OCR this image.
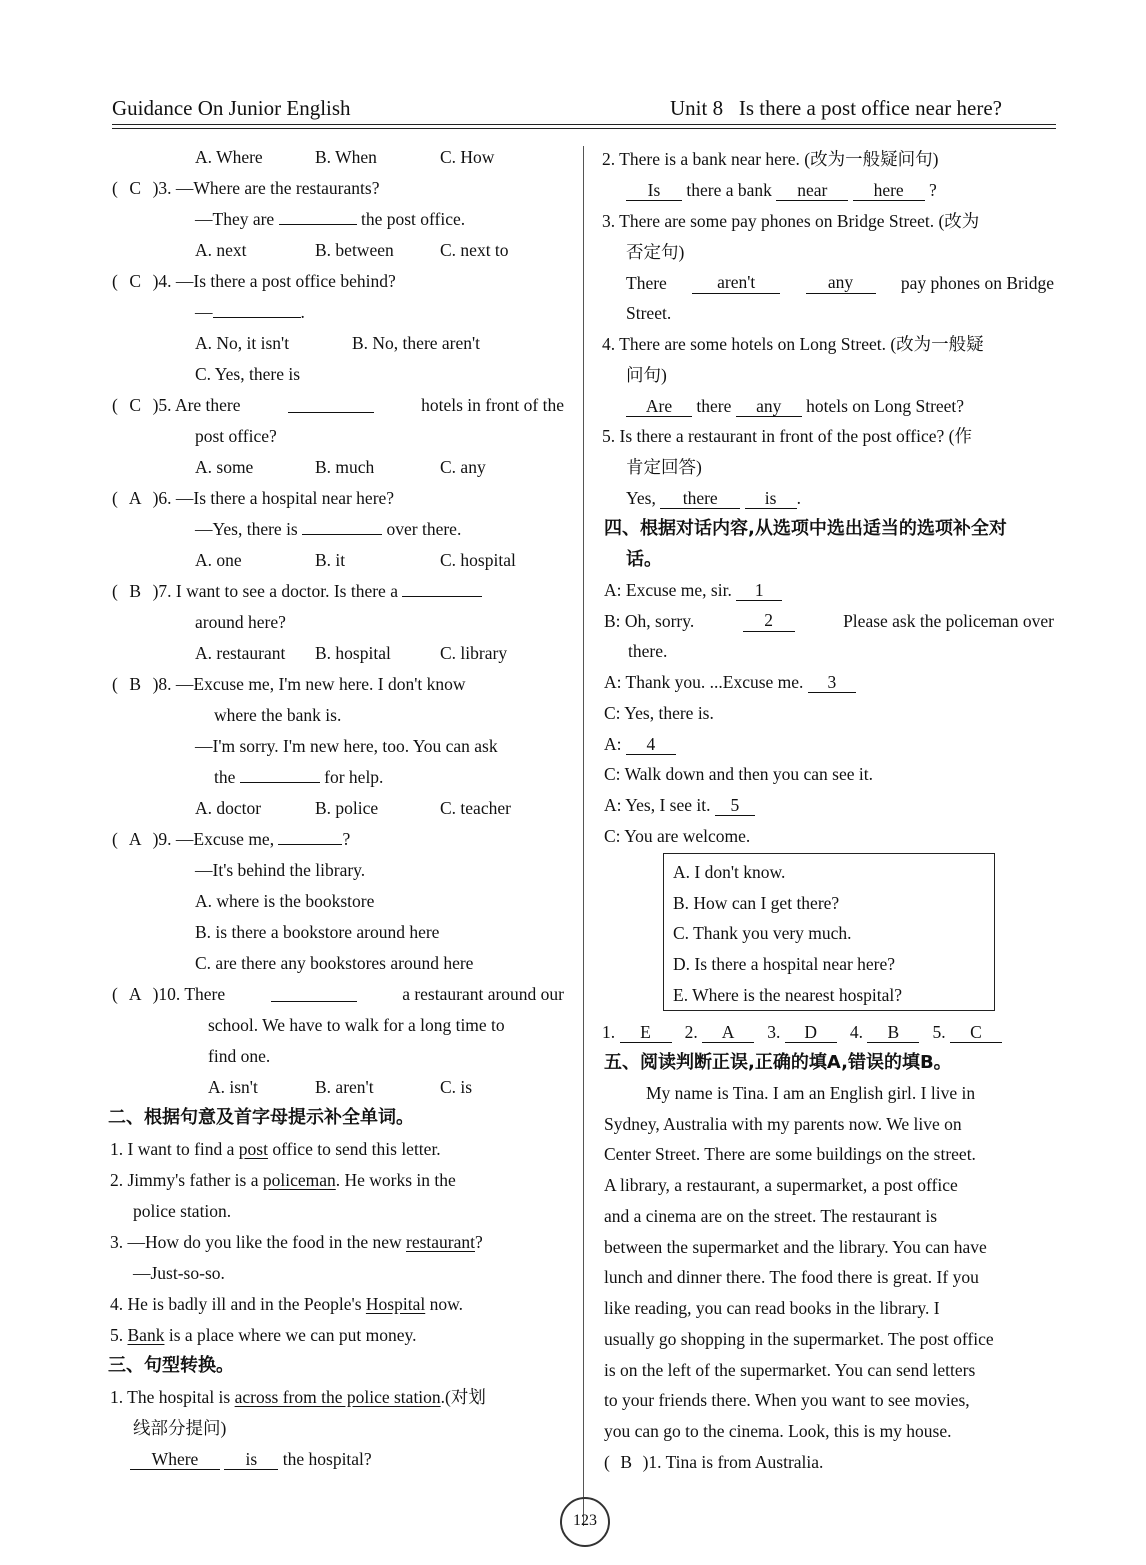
Guidance On Junior English	Unit 8   Is there a post office near here?
A. Where	B. When	C. How
( C )3. —Where are the restaurants?
—They are	the post office.
A. next	B. between	C. next to
( C )4. —Is there a post office behind?
—	.
A. No, it isn't	B. No, there aren't
C. Yes, there is
( C )5. Are there	hotels in front of the
post office?
A. some	B. much	C. any
( A )6. —Is there a hospital near here?
—Yes, there is	over there.
A. one	B. it	C. hospital
( B )7. I want to see a doctor. Is there a
around here?
A. restaurant B. hospital	C. library
( B )8. —Excuse me, I'm new here. I don't know
where the bank is.
—I'm sorry. I'm new here, too. You can ask
the	for help.
A. doctor	B. police	C. teacher
( A )9. —Excuse me,	?
—It's behind the library.
A. where is the bookstore
B. is there a bookstore around here
C. are there any bookstores around here
( A )10. There	a restaurant around our
school. We have to walk for a long time to
find one.
A. isn't	B. aren't	C. is
二、根据句意及首字母提示补全单词。
1. I want to find a post office to send this letter.
2. Jimmy's father is a policeman. He works in the
police station.
3. —How do you like the food in the new restaurant?
—Just-so-so.
4. He is badly ill and in the People's Hospital now.
5. Bank is a place where we can put money.
三、句型转换。
1. The hospital is across from the police station.(对划
线部分提问)
Where	is the hospital?
2. There is a bank near here. (改为一般疑问句)
Is there a bank near	here ?
3. There are some pay phones on Bridge Street. (改为
否定句)
There	aren't	any	pay phones on Bridge
Street.
4. There are some hotels on Long Street. (改为一般疑
问句)
Are there any hotels on Long Street?
5. Is there a restaurant in front of the post office? (作
肯定回答)
Yes, there	is .
四、根据对话内容,从选项中选出适当的选项补全对
话。
A: Excuse me, sir. 1
B: Oh, sorry.	2	Please ask the policeman over
there.
A: Thank you. ...Excuse me. 3
C: Yes, there is.
A: 4
C: Walk down and then you can see it.
A: Yes, I see it. 5
C: You are welcome.
A. I don't know.
B. How can I get there?
C. Thank you very much.
D. Is there a hospital near here?
E. Where is the nearest hospital?
1. E 2. A 3. D 4. B 5. C
五、阅读判断正误,正确的填A,错误的填B。
My name is Tina. I am an English girl. I live in
Sydney, Australia with my parents now. We live on
Center Street. There are some buildings on the street.
A library, a restaurant, a supermarket, a post office
and a cinema are on the street. The restaurant is
between the supermarket and the library. You can have
lunch and dinner there. The food there is great. If you
like reading, you can read books in the library. I
usually go shopping in the supermarket. The post office
is on the left of the supermarket. You can send letters
to your friends there. When you want to see movies,
you can go to the cinema. Look, this is my house.
( B )1. Tina is from Australia.
123
